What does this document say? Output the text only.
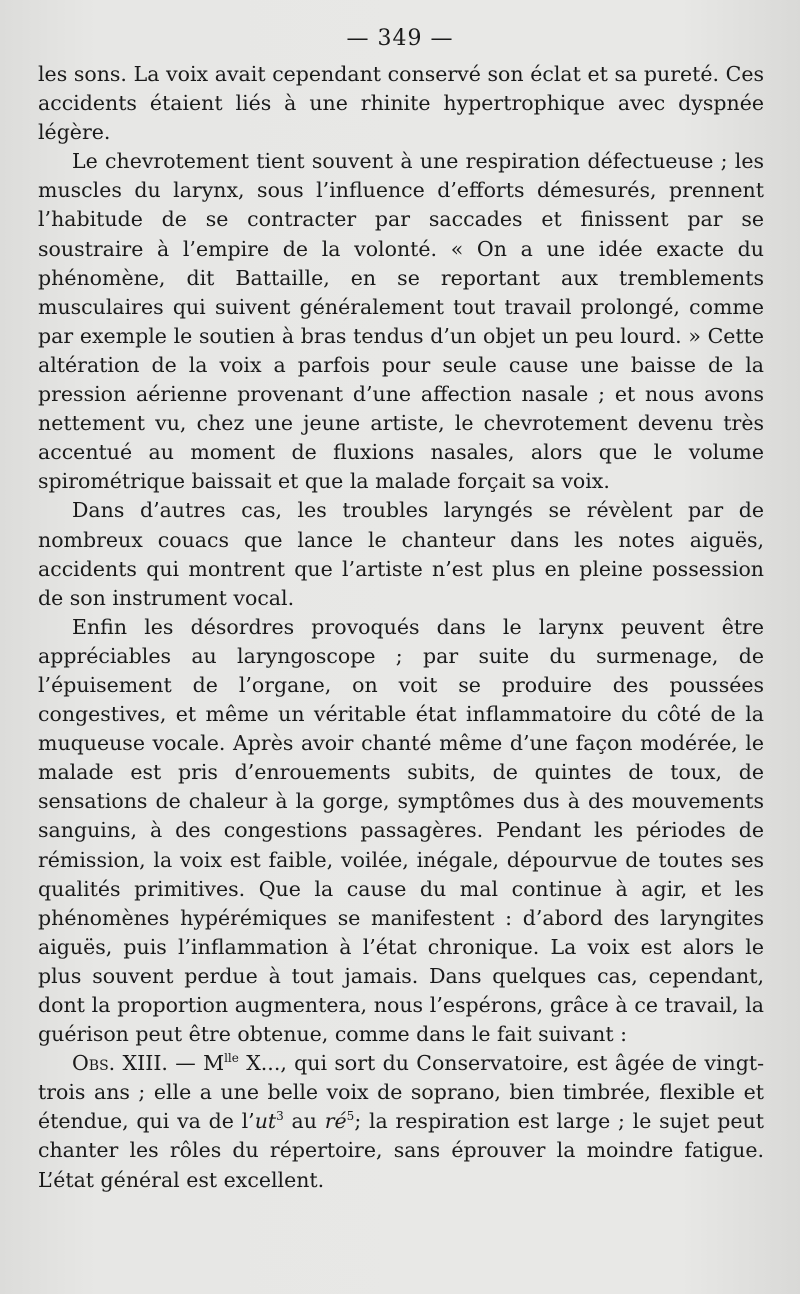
— 349 —

les sons. La voix avait cependant conservé son éclat et sa pureté. Ces accidents étaient liés à une rhinite hypertrophique avec dyspnée légère.

Le chevrotement tient souvent à une respiration défectueuse ; les muscles du larynx, sous l’influence d’efforts démesurés, prennent l’habitude de se contracter par saccades et finissent par se soustraire à l’empire de la volonté. « On a une idée exacte du phénomène, dit Battaille, en se reportant aux tremblements musculaires qui suivent généralement tout travail prolongé, comme par exemple le soutien à bras tendus d’un objet un peu lourd. » Cette altération de la voix a parfois pour seule cause une baisse de la pression aérienne provenant d’une affection nasale ; et nous avons nettement vu, chez une jeune artiste, le chevrotement devenu très accentué au moment de fluxions nasales, alors que le volume spirométrique baissait et que la malade forçait sa voix.

Dans d’autres cas, les troubles laryngés se révèlent par de nombreux couacs que lance le chanteur dans les notes aiguës, accidents qui montrent que l’artiste n’est plus en pleine possession de son instrument vocal.

Enfin les désordres provoqués dans le larynx peuvent être appréciables au laryngoscope ; par suite du surmenage, de l’épuisement de l’organe, on voit se produire des poussées congestives, et même un véritable état inflammatoire du côté de la muqueuse vocale. Après avoir chanté même d’une façon modérée, le malade est pris d’enrouements subits, de quintes de toux, de sensations de chaleur à la gorge, symptômes dus à des mouvements sanguins, à des congestions passagères. Pendant les périodes de rémission, la voix est faible, voilée, inégale, dépourvue de toutes ses qualités primitives. Que la cause du mal continue à agir, et les phénomènes hypérémiques se manifestent : d’abord des laryngites aiguës, puis l’inflammation à l’état chronique. La voix est alors le plus souvent perdue à tout jamais. Dans quelques cas, cependant, dont la proportion augmentera, nous l’espérons, grâce à ce travail, la guérison peut être obtenue, comme dans le fait suivant :

Obs. XIII. — $M^{lle}$ X..., qui sort du Conservatoire, est âgée de vingt-trois ans ; elle a une belle voix de soprano, bien timbrée, flexible et étendue, qui va de $l’ut^3$ au $ré^5$; la respiration est large ; le sujet peut chanter les rôles du répertoire, sans éprouver la moindre fatigue. L’état général est excellent.
